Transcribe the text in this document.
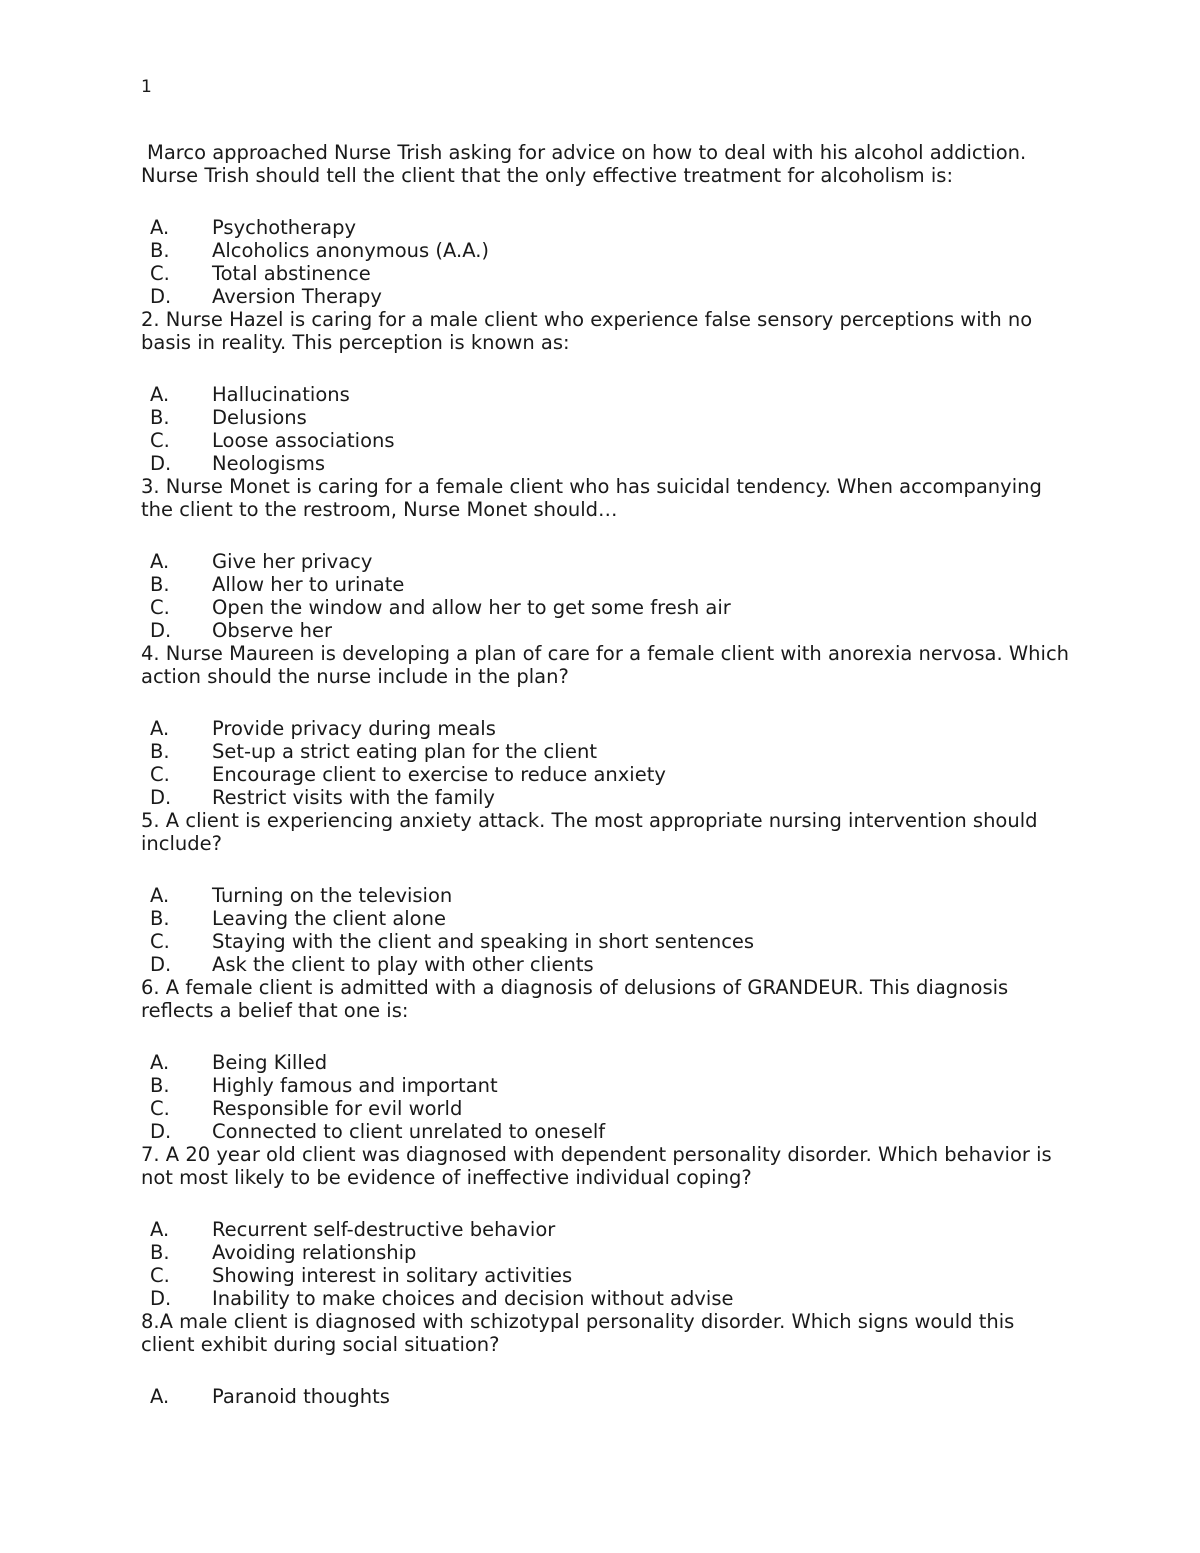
1

Marco approached Nurse Trish asking for advice on how to deal with his alcohol addiction. Nurse Trish should tell the client that the only effective treatment for alcoholism is:

A.	Psychotherapy
B.	Alcoholics anonymous (A.A.)
C.	Total abstinence
D.	Aversion Therapy

2. Nurse Hazel is caring for a male client who experience false sensory perceptions with no basis in reality. This perception is known as:

A.	Hallucinations
B.	Delusions
C.	Loose associations
D.	Neologisms

3. Nurse Monet is caring for a female client who has suicidal tendency. When accompanying the client to the restroom, Nurse Monet should…

A.	Give her privacy
B.	Allow her to urinate
C.	Open the window and allow her to get some fresh air
D.	Observe her

4. Nurse Maureen is developing a plan of care for a female client with anorexia nervosa. Which action should the nurse include in the plan?

A.	Provide privacy during meals
B.	Set-up a strict eating plan for the client
C.	Encourage client to exercise to reduce anxiety
D.	Restrict visits with the family

5. A client is experiencing anxiety attack. The most appropriate nursing intervention should include?

A.	Turning on the television
B.	Leaving the client alone
C.	Staying with the client and speaking in short sentences
D.	Ask the client to play with other clients

6. A female client is admitted with a diagnosis of delusions of GRANDEUR. This diagnosis reflects a belief that one is:

A.	Being Killed
B.	Highly famous and important
C.	Responsible for evil world
D.	Connected to client unrelated to oneself

7. A 20 year old client was diagnosed with dependent personality disorder. Which behavior is not most likely to be evidence of ineffective individual coping?

A.	Recurrent self-destructive behavior
B.	Avoiding relationship
C.	Showing interest in solitary activities
D.	Inability to make choices and decision without advise

8.A male client is diagnosed with schizotypal personality disorder. Which signs would this client exhibit during social situation?

A.	Paranoid thoughts
